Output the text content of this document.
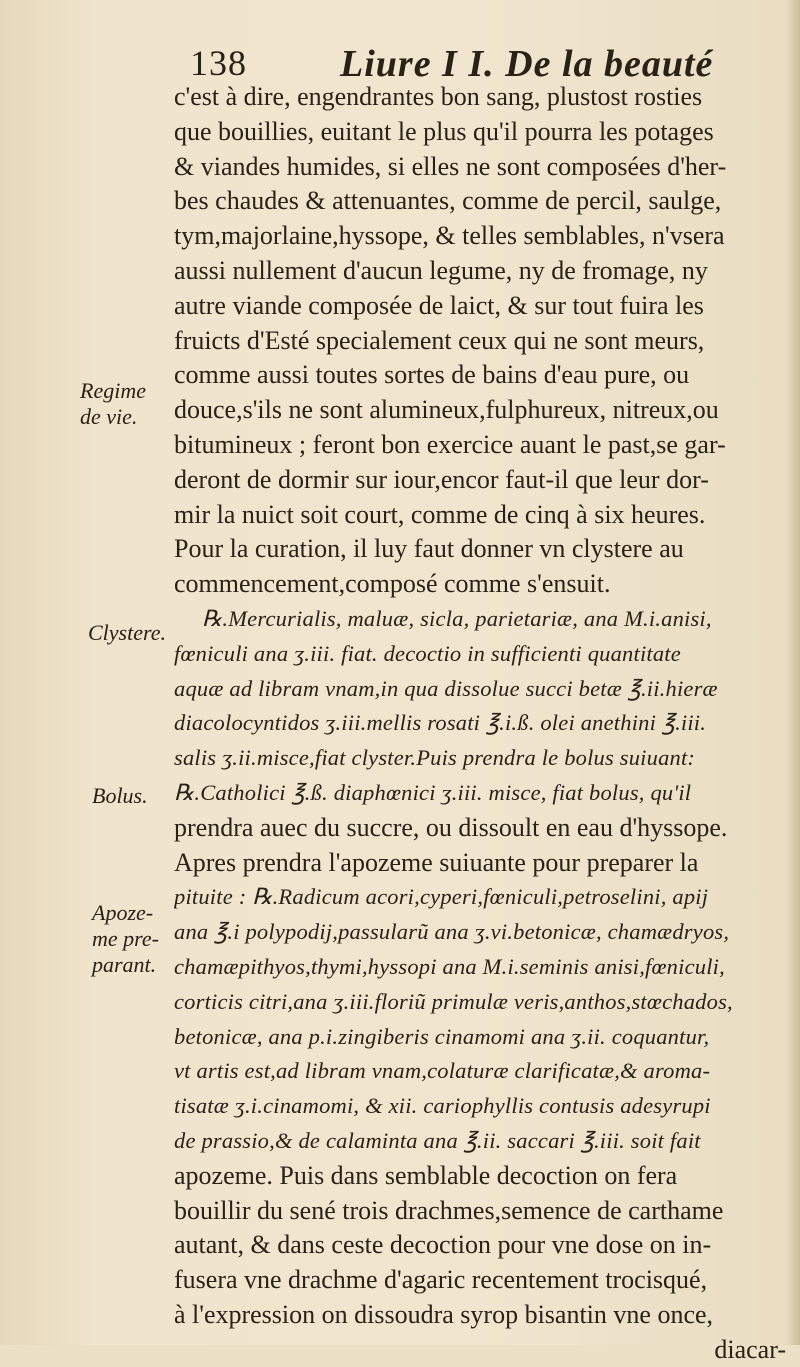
138 Liure I I. De la beauté
Regime
de vie.
Clystere.
Bolus.
Apoze-
me pre-
parant.
c'est à dire, engendrantes bon sang, plustost rosties
que bouillies, euitant le plus qu'il pourra les potages
& viandes humides, si elles ne sont composées d'her-
bes chaudes & attenuantes, comme de percil, saulge,
tym,majorlaine,hyssope, & telles semblables, n'vsera
aussi nullement d'aucun legume, ny de fromage, ny
autre viande composée de laict, & sur tout fuira les
fruicts d'Esté specialement ceux qui ne sont meurs,
comme aussi toutes sortes de bains d'eau pure, ou
douce,s'ils ne sont alumineux,fulphureux, nitreux,ou
bitumineux ; feront bon exercice auant le past,se gar-
deront de dormir sur iour,encor faut-il que leur dor-
mir la nuict soit court, comme de cinq à six heures.
Pour la curation, il luy faut donner vn clystere au
commencement,composé comme s'ensuit.
℞.Mercurialis, maluæ, sicla, parietariæ, ana M.i.anisi,
fœniculi ana ʒ.iii. fiat. decoctio in sufficienti quantitate
aquæ ad libram vnam,in qua dissolue succi betæ ℥.ii.hieræ
diacolocyntidos ʒ.iii.mellis rosati ℥.i.ß. olei anethini ℥.iii.
salis ʒ.ii.misce,fiat clyster.Puis prendra le bolus suiuant:
℞.Catholici ℥.ß. diaphœnici ʒ.iii. misce, fiat bolus, qu'il
prendra auec du succre, ou dissoult en eau d'hyssope.
Apres prendra l'apozeme suiuante pour preparer la
pituite : ℞.Radicum acori,cyperi,fœniculi,petroselini, apij
ana ℥.i polypodij,passularũ ana ʒ.vi.betonicæ, chamædryos,
chamæpithyos,thymi,hyssopi ana M.i.seminis anisi,fœniculi,
corticis citri,ana ʒ.iii.floriũ primulæ veris,anthos,stœchados,
betonicæ, ana p.i.zingiberis cinamomi ana ʒ.ii. coquantur,
vt artis est,ad libram vnam,colaturæ clarificatæ,& aroma-
tisatæ ʒ.i.cinamomi, & xii. cariophyllis contusis adesyrupi
de prassio,& de calaminta ana ℥.ii. saccari ℥.iii. soit fait
apozeme. Puis dans semblable decoction on fera
bouillir du sené trois drachmes,semence de carthame
autant, & dans ceste decoction pour vne dose on in-
fusera vne drachme d'agaric recentement trocisqué,
à l'expression on dissoudra syrop bisantin vne once,
diacar-
